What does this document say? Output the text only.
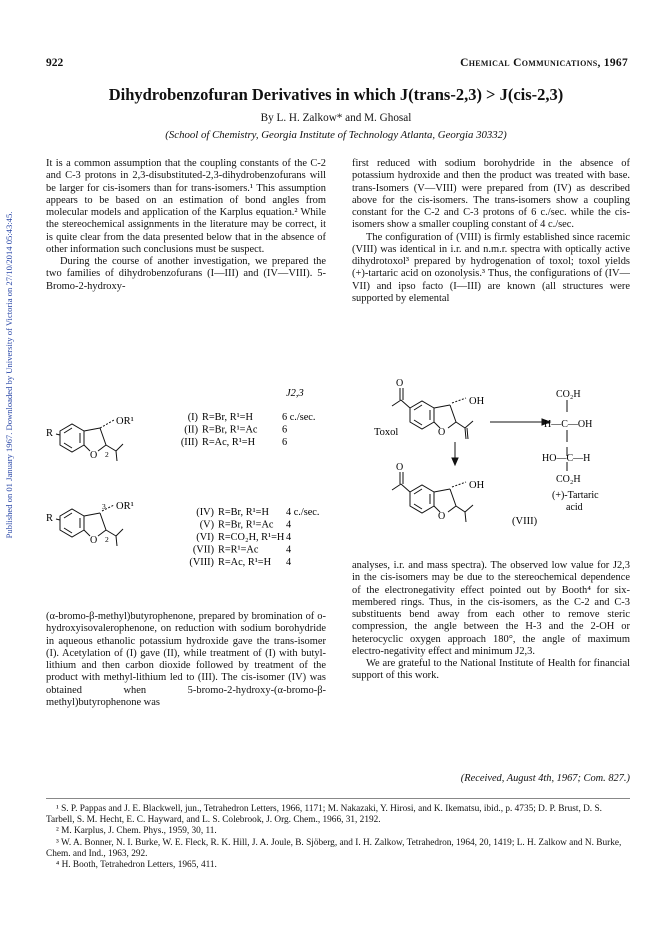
922	Chemical Communications, 1967
Dihydrobenzofuran Derivatives in which J(trans-2,3) > J(cis-2,3)
By L. H. Zalkow* and M. Ghosal
(School of Chemistry, Georgia Institute of Technology Atlanta, Georgia 30332)
Published on 01 January 1967. Downloaded by University of Victoria on 27/10/2014 05:43:45.

It is a common assumption that the coupling constants of the C-2 and C-3 protons in 2,3-disubstituted-2,3-dihydrobenzofurans will be larger for cis-isomers than for trans-isomers.¹ This assumption appears to be based on an estimation of bond angles from molecular models and application of the Karplus equation.² While the stereochemical assignments in the literature may be correct, it is quite clear from the data presented below that in the absence of other information such conclusions must be suspect.

During the course of another investigation, we prepared the two families of dihydrobenzofurans (I—III) and (IV—VIII). 5-Bromo-2-hydroxy-

first reduced with sodium borohydride in the absence of potassium hydroxide and then the product was treated with base. trans-Isomers (V—VIII) were prepared from (IV) as described above for the cis-isomers. The trans-isomers show a coupling constant for the C-2 and C-3 protons of 6 c./sec. while the cis-isomers show a smaller coupling constant of 4 c./sec.

The configuration of (VIII) is firmly established since racemic (VIII) was identical in i.r. and n.m.r. spectra with optically active dihydrotoxol³ prepared by hydrogenation of toxol; toxol yields (+)-tartaric acid on ozonolysis.³ Thus, the configurations of (IV—VII) and ipso facto (I—III) are known (all structures were supported by elemental

R
OR¹
O 2
J2,3
(I) R=Br, R¹=H	6 c./sec.
(II) R=Br, R¹=Ac 6
(III) R=Ac, R¹=H	6
R
OR¹
3
O 2
(IV) R=Br, R¹=H 4 c./sec.
(V) R=Br, R¹=Ac 4
(VI) R=CO₂H, R¹=H 4
(VII) R=R¹=Ac	4
(VIII) R=Ac, R¹=H 4
O
OH
O
Toxol
CO₂H
H—C—OH
HO—C—H
CO₂H
(+)-Tartaric
acid
O
OH
O	(VIII)

(α-bromo-β-methyl)butyrophenone, prepared by bromination of o-hydroxyisovalerophenone, on reduction with sodium borohydride in aqueous ethanolic potassium hydroxide gave the trans-isomer (I). Acetylation of (I) gave (II), while treatment of (I) with butyl-lithium and then carbon dioxide followed by treatment of the product with methyl-lithium led to (III). The cis-isomer (IV) was obtained when 5-bromo-2-hydroxy-(α-bromo-β-methyl)butyrophenone was

analyses, i.r. and mass spectra). The observed low value for J2,3 in the cis-isomers may be due to the stereochemical dependence of the electronegativity effect pointed out by Booth⁴ for six-membered rings. Thus, in the cis-isomers, as the C-2 and C-3 substituents bend away from each other to remove steric compression, the angle between the H-3 and the 2-OH or heterocyclic oxygen approach 180°, the angle of maximum electro-negativity effect and minimum J2,3.

We are grateful to the National Institute of Health for financial support of this work.

(Received, August 4th, 1967; Com. 827.)

¹ S. P. Pappas and J. E. Blackwell, jun., Tetrahedron Letters, 1966, 1171; M. Nakazaki, Y. Hirosi, and K. Ikematsu, ibid., p. 4735; D. P. Brust, D. S. Tarbell, S. M. Hecht, E. C. Hayward, and L. S. Colebrook, J. Org. Chem., 1966, 31, 2192.

² M. Karplus, J. Chem. Phys., 1959, 30, 11.

³ W. A. Bonner, N. I. Burke, W. E. Fleck, R. K. Hill, J. A. Joule, B. Sjöberg, and I. H. Zalkow, Tetrahedron, 1964, 20, 1419; L. H. Zalkow and N. Burke, Chem. and Ind., 1963, 292.

⁴ H. Booth, Tetrahedron Letters, 1965, 411.
